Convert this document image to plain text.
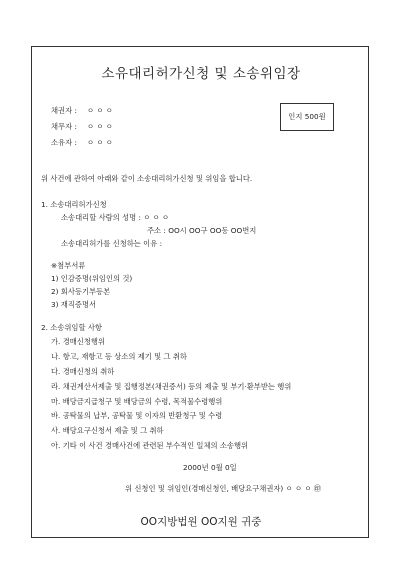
소유대리허가신청 및 소송위임장
채권자 : ㅇ ㅇ ㅇ
채무자 : ㅇ ㅇ ㅇ
소유자 : ㅇ ㅇ ㅇ
인지 500원
위 사건에 관하여 아래와 같이 소송대리허가신청 및 위임을 합니다.
1. 소송대리허가신청
소송대리할 사람의 성명 : ㅇ ㅇ ㅇ
주소 : OO시 OO구 OO동 OO번지
소송대리허가를 신청하는 이유 :
※첨부서류
1) 인감증명(위임인의 것)
2) 회사등기부등본
3) 재직증명서
2. 소송위임할 사항
가. 경매신청행위
나. 항고, 재항고 등 상소의 제기 및 그 취하
다. 경매신청의 취하
라. 채권계산서제출 및 집행정본(채권증서) 등의 제출 및 부기·환부받는 행위
마. 배당금지급청구 및 배당금의 수령, 목적물수령행위
바. 공탁물의 납부, 공탁물 및 이자의 반환청구 및 수령
사. 배당요구신청서 제출 및 그 취하
아. 기타 이 사건 경매사건에 관련된 부수적인 일체의 소송행위
2000년 0월 0일
위 신청인 및 위임인(경매신청인, 배당요구채권자) ㅇ ㅇ ㅇ ㊞
OO지방법원 OO지원 귀중
